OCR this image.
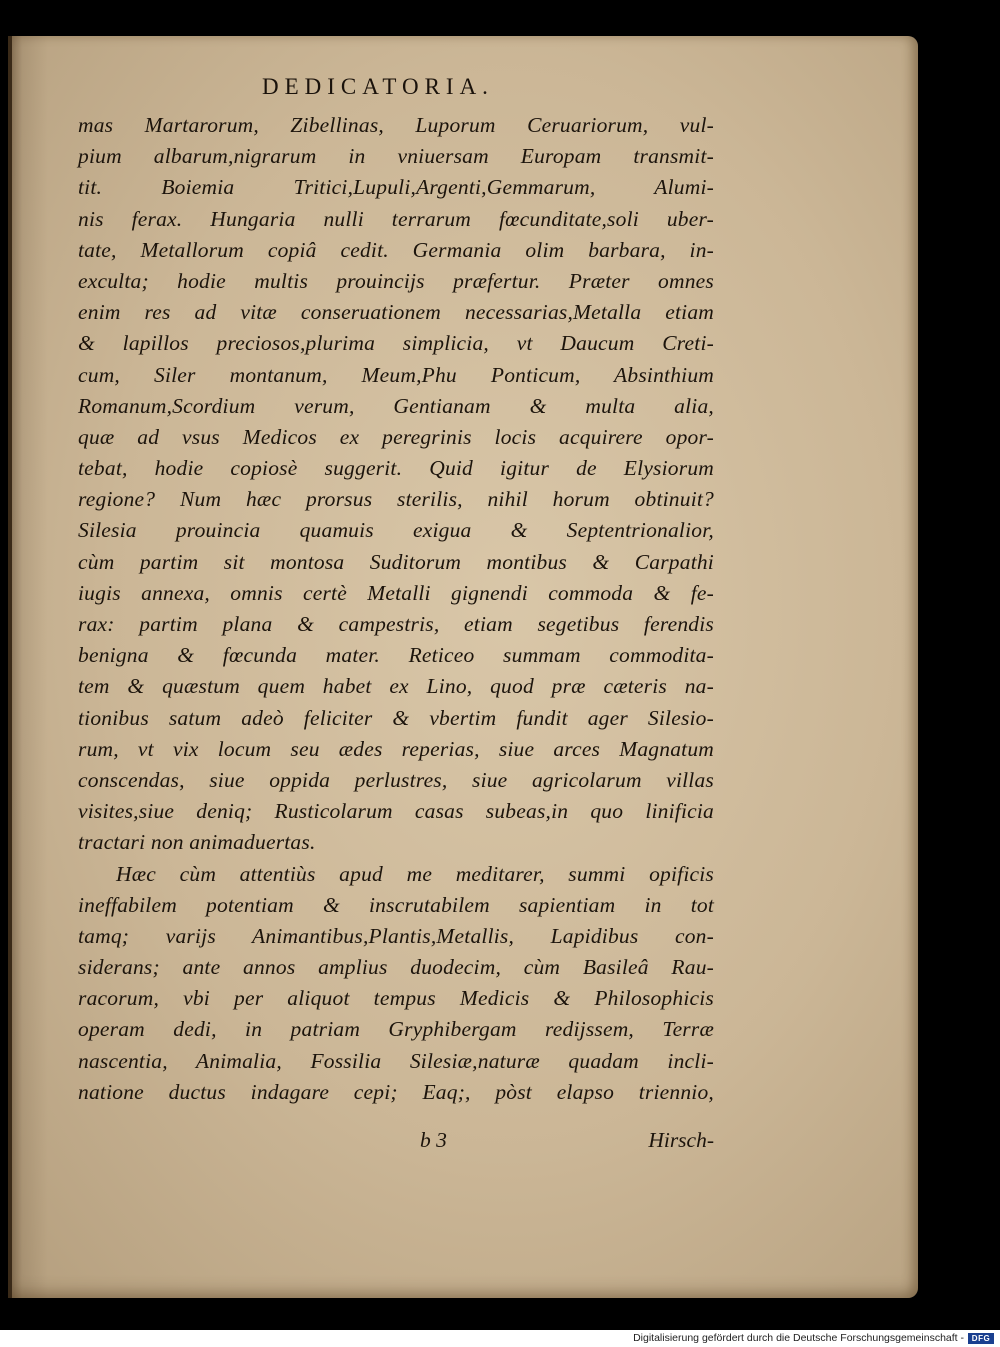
DEDICATORIA.
mas Martarorum, Zibellinas, Luporum Ceruariorum, vul-
pium albarum,nigrarum in vniuersam Europam transmit-
tit. Boiemia Tritici,Lupuli,Argenti,Gemmarum, Alumi-
nis ferax. Hungaria nulli terrarum fœcunditate,soli uber-
tate, Metallorum copiâ cedit. Germania olim barbara, in-
exculta; hodie multis prouincijs præfertur. Præter omnes
enim res ad vitæ conseruationem necessarias,Metalla etiam
& lapillos preciosos,plurima simplicia, vt Daucum Creti-
cum, Siler montanum, Meum,Phu Ponticum, Absinthium
Romanum,Scordium verum, Gentianam & multa alia,
quæ ad vsus Medicos ex peregrinis locis acquirere opor-
tebat, hodie copiosè suggerit. Quid igitur de Elysiorum
regione? Num hæc prorsus sterilis, nihil horum obtinuit?
Silesia prouincia quamuis exigua & Septentrionalior,
cùm partim sit montosa Suditorum montibus & Carpathi
iugis annexa, omnis certè Metalli gignendi commoda & fe-
rax: partim plana & campestris, etiam segetibus ferendis
benigna & fœcunda mater. Reticeo summam commodita-
tem & quæstum quem habet ex Lino, quod præ cæteris na-
tionibus satum adeò feliciter & vbertim fundit ager Silesio-
rum, vt vix locum seu ædes reperias, siue arces Magnatum
conscendas, siue oppida perlustres, siue agricolarum villas
visites,siue deniq; Rusticolarum casas subeas,in quo linificia
tractari non animaduertas.
Hæc cùm attentiùs apud me meditarer, summi opificis
ineffabilem potentiam & inscrutabilem sapientiam in tot
tamq; varijs Animantibus,Plantis,Metallis, Lapidibus con-
siderans; ante annos amplius duodecim, cùm Basileâ Rau-
racorum, vbi per aliquot tempus Medicis & Philosophicis
operam dedi, in patriam Gryphibergam redijssem, Terræ
nascentia, Animalia, Fossilia Silesiæ,naturæ quadam incli-
natione ductus indagare cepi; Eaq;, pòst elapso triennio,
b 3	Hirsch-
Digitalisierung gefördert durch die Deutsche Forschungsgemeinschaft - DFG
